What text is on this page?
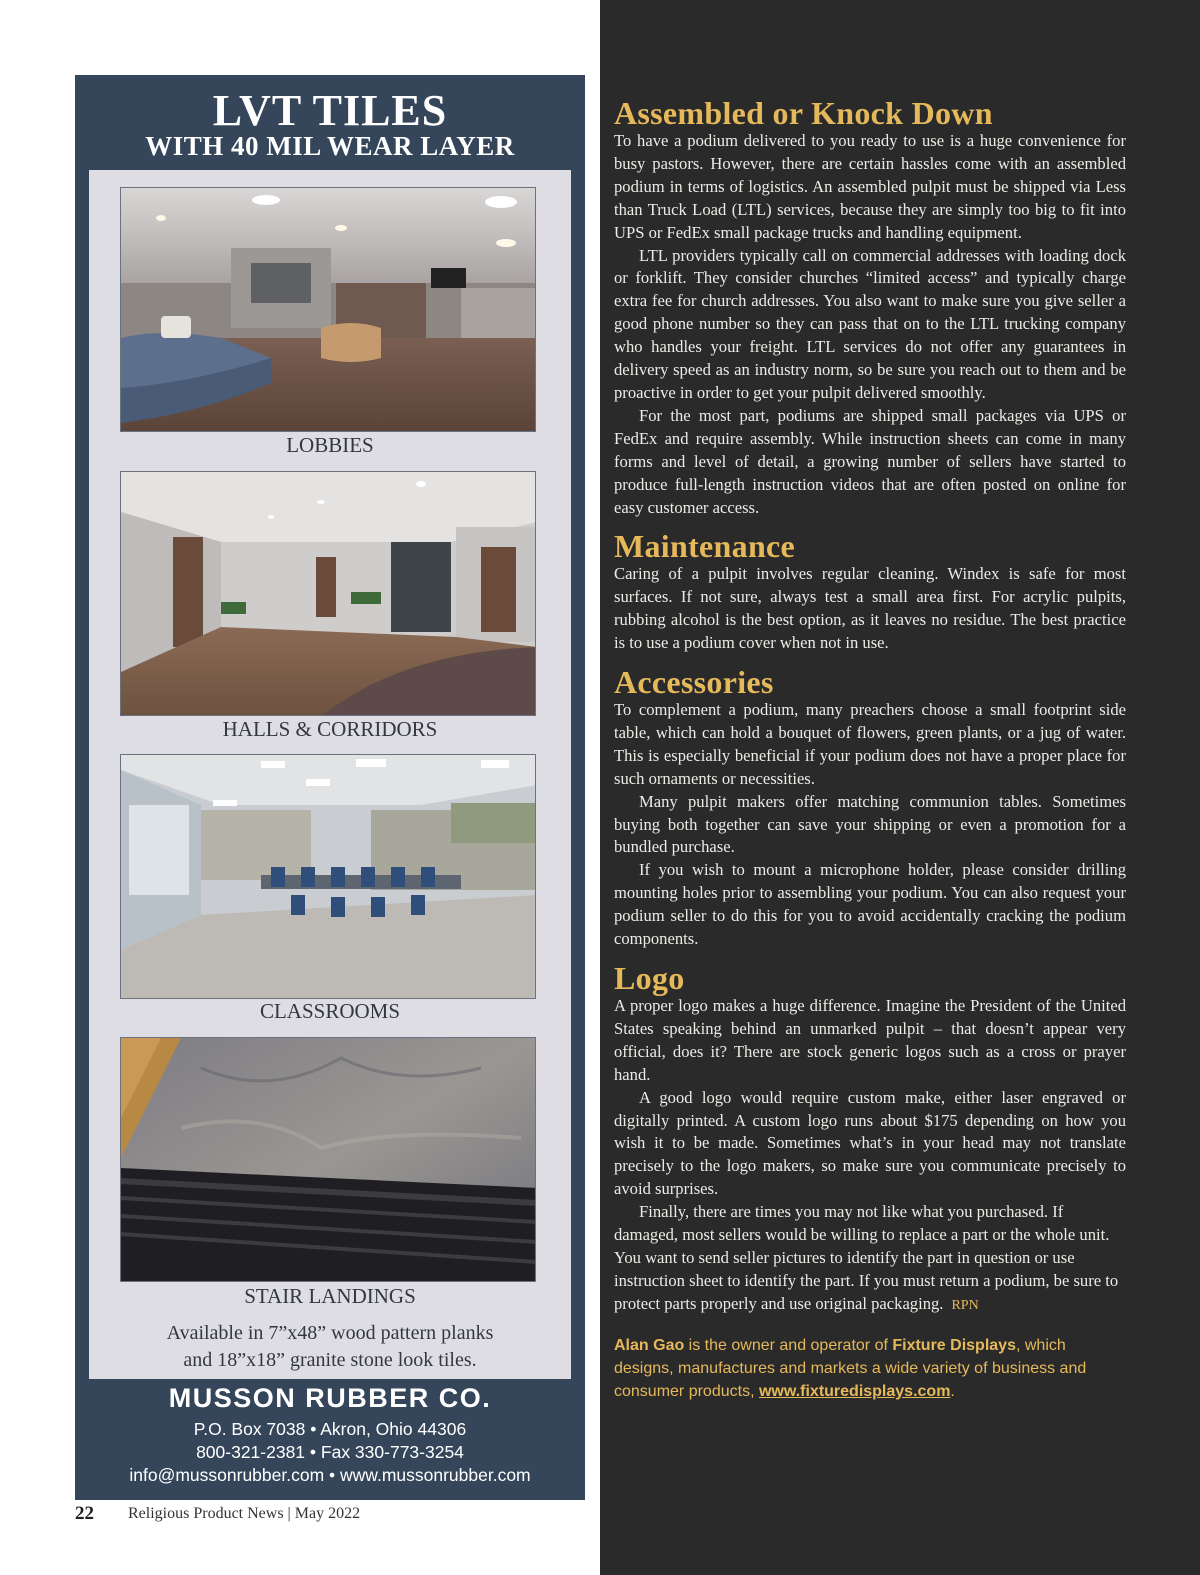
LVT TILES
WITH 40 MIL WEAR LAYER
LOBBIES
HALLS & CORRIDORS
CLASSROOMS
STAIR LANDINGS
Available in 7”x48” wood pattern planks
and 18”x18” granite stone look tiles.
MUSSON RUBBER CO.
P.O. Box 7038 • Akron, Ohio 44306
800-321-2381 • Fax 330-773-3254
info@mussonrubber.com • www.mussonrubber.com
22 Religious Product News | May 2022
Assembled or Knock Down

To have a podium delivered to you ready to use is a huge convenience for busy pastors. However, there are certain hassles come with an assembled podium in terms of logistics. An assembled pulpit must be shipped via Less than Truck Load (LTL) services, because they are simply too big to fit into UPS or FedEx small package trucks and handling equipment.

LTL providers typically call on commercial addresses with loading dock or forklift. They consider churches “limited access” and typically charge extra fee for church addresses. You also want to make sure you give seller a good phone number so they can pass that on to the LTL trucking company who handles your freight. LTL services do not offer any guarantees in delivery speed as an industry norm, so be sure you reach out to them and be proactive in order to get your pulpit delivered smoothly.

For the most part, podiums are shipped small packages via UPS or FedEx and require assembly. While instruction sheets can come in many forms and level of detail, a growing number of sellers have started to produce full-length instruction videos that are often posted on online for easy customer access.

Maintenance

Caring of a pulpit involves regular cleaning. Windex is safe for most surfaces. If not sure, always test a small area first. For acrylic pulpits, rubbing alcohol is the best option, as it leaves no residue. The best practice is to use a podium cover when not in use.

Accessories

To complement a podium, many preachers choose a small footprint side table, which can hold a bouquet of flowers, green plants, or a jug of water. This is especially beneficial if your podium does not have a proper place for such ornaments or necessities.

Many pulpit makers offer matching communion tables. Sometimes buying both together can save your shipping or even a promotion for a bundled purchase.

If you wish to mount a microphone holder, please consider drilling mounting holes prior to assembling your podium. You can also request your podium seller to do this for you to avoid accidentally cracking the podium components.

Logo

A proper logo makes a huge difference. Imagine the President of the United States speaking behind an unmarked pulpit – that doesn’t appear very official, does it? There are stock generic logos such as a cross or prayer hand.

A good logo would require custom make, either laser engraved or digitally printed. A custom logo runs about $175 depending on how you wish it to be made. Sometimes what’s in your head may not translate precisely to the logo makers, so make sure you communicate precisely to avoid surprises.

Finally, there are times you may not like what you purchased. If damaged, most sellers would be willing to replace a part or the whole unit. You want to send seller pictures to identify the part in question or use instruction sheet to identify the part. If you must return a podium, be sure to protect parts properly and use original packaging. RPN

Alan Gao is the owner and operator of Fixture Displays, which designs, manufactures and markets a wide variety of business and consumer products, www.fixturedisplays.com.
